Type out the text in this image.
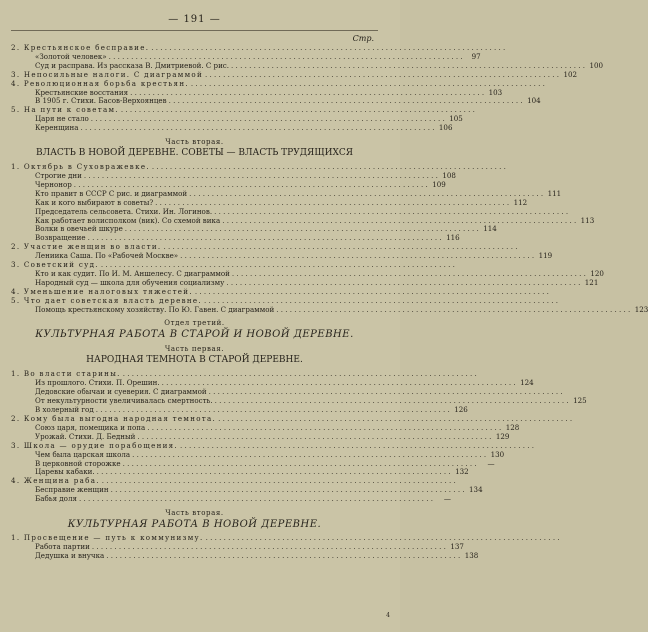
— 191 —
Стр.
2. Крестьянское бесправие.
. . .
«Золотой человек» . . .	97
Суд и расправа. Из рассказа В. Дмитриевой. С рис. . . .	100
3. Непосильные налоги. С диаграммой . . .	102
4. Революционная борьба крестьян.
. . .
Крестьянские восстания . . .	103
В 1905 г. Стихи. Басов-Верхоянцев . . .	104
5. На пути к советам.
. . .
Царя не стало . . .	105
Керенщина . . .	106
Часть вторая.
ВЛАСТЬ В НОВОЙ ДЕРЕВНЕ. СОВЕТЫ — ВЛАСТЬ ТРУДЯЩИХСЯ
1. Октябрь в Суховражевке.
. . .
Строгие дни . . .	108
Чернонор . . .	109
Кто правит в СССР С рис. и диаграммой . . .	111
Как и кого выбирают в советы? . . .	112
Председатель сельсовета. Стихи. Ин. Логинов.
. . .
Как работает волисполком (вик). Со схемой вика . . .	113
Волки в овечьей шкуре . . .	114
Возвращение . . .	116
2. Участие женщин во власти.
. . .
Лениика Саша. По «Рабочей Москве» . . .	119
3. Советский суд.
. . .
Кто и как судит. По И. М. Аншелесу. С диаграммой . . .	120
Народный суд — школа для обучения социализму . . .	121
4. Уменьшение налоговых тяжестей.
. . .
5. Что дает советская власть деревне.
. . .
Помощь крестьянскому хозяйству. По Ю. Гавен. С диаграммой . . .	123
Отдел третий.
КУЛЬТУРНАЯ РАБОТА В СТАРОЙ И НОВОЙ ДЕРЕВНЕ.
Часть первая.
НАРОДНАЯ ТЕМНОТА В СТАРОЙ ДЕРЕВНЕ.
1. Во власти старины.
. . .
Из прошлого. Стихи. П. Орешин. . . .	124
Дедовские обычаи и суеверия. С диаграммой
. . .
От некультурности увеличивалась смертность. . . .	125
В холерный год . . .	126
2. Кому была выгодна народная темнота.
. . .
Союз царя, помещика и попа . . .	128
Урожай. Стихи. Д. Бедный . . .	129
3. Школа — орудие порабощения.
. . .
Чем была царская школа . . .	130
В церковной сторожке . . .	—
Царевы кабаки. . . .	132
4. Женщина раба.
. . .
Бесправие женщин . . .	134
Бабья доля . . .	—
Часть вторая.
КУЛЬТУРНАЯ РАБОТА В НОВОЙ ДЕРЕВНЕ.
1. Просвещение — путь к коммунизму.
. . .
Работа партии . . .	137
Дедушка и внучка . . .	138
4
